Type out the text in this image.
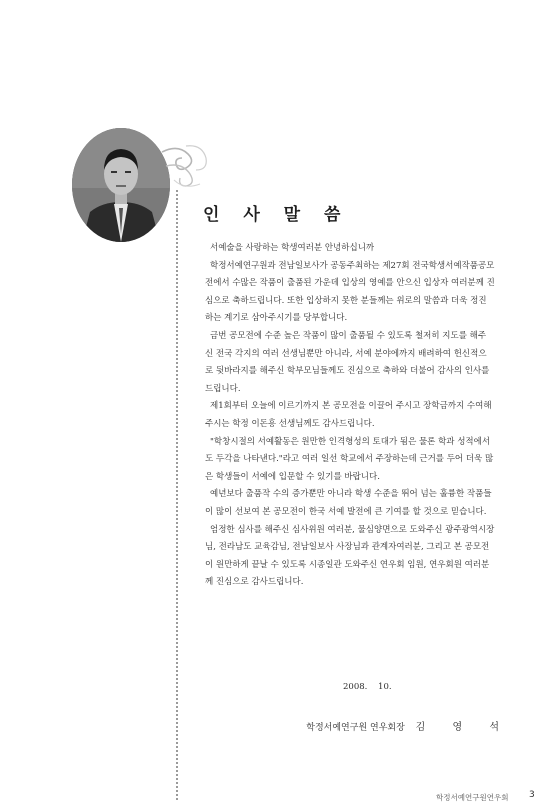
인 사 말 씀

서예술을 사랑하는 학생여러분 안녕하십니까

학정서예연구원과 전남일보사가 공동주최하는 제27회 전국학생서예작품공모
전에서 수많은 작품이 출품된 가운데 입상의 영예를 안으신 입상자 여러분께 진
심으로 축하드립니다. 또한 입상하지 못한 분들께는 위로의 말씀과 더욱 정진
하는 계기로 삼아주시기를 당부합니다.

금번 공모전에 수준 높은 작품이 많이 출품될 수 있도록 철저히 지도를 해주
신 전국 각지의 여러 선생님뿐만 아니라, 서예 분야에까지 배려하여 헌신적으
로 뒷바라지를 해주신 학부모님들께도 진심으로 축하와 더불어 감사의 인사를
드립니다.

제1회부터 오늘에 이르기까지 본 공모전을 이끌어 주시고 장학금까지 수여해
주시는 학정 이돈흥 선생님께도 감사드립니다.

"학창시절의 서예활동은 원만한 인격형성의 토대가 됨은 물론 학과 성적에서
도 두각을 나타낸다."라고 여러 일선 학교에서 주장하는데 근거를 두어 더욱 많
은 학생들이 서예에 입문할 수 있기를 바랍니다.

예년보다 출품작 수의 증가뿐만 아니라 학생 수준을 뛰어 넘는 훌륭한 작품들
이 많이 선보여 본 공모전이 한국 서예 발전에 큰 기여를 할 것으로 믿습니다.

엄정한 심사를 해주신 심사위원 여러분, 물심양면으로 도와주신 광주광역시장
님, 전라남도 교육감님, 전남일보사 사장님과 관계자여러분, 그리고 본 공모전
이 원만하게 끝날 수 있도록 시종일관 도와주신 연우회 임원, 연우회원 여러분
께 진심으로 감사드립니다.

2008. 10.
학정서예연구원 연우회장 김 영 석
학정서예연구원연우회 3
